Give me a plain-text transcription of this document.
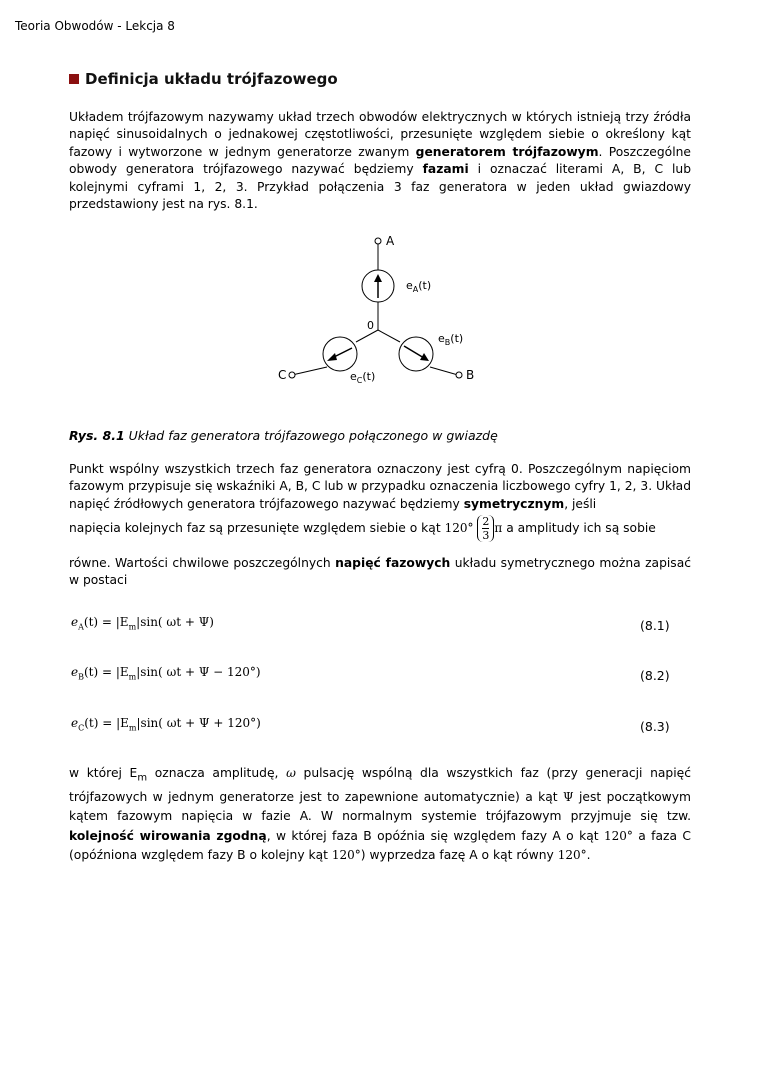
Teoria Obwodów - Lekcja 8
Definicja układu trójfazowego
Układem trójfazowym nazywamy układ trzech obwodów elektrycznych w których istnieją trzy źródła napięć sinusoidalnych o jednakowej częstotliwości, przesunięte względem siebie o określony kąt fazowy i wytworzone w jednym generatorze zwanym generatorem trójfazowym. Poszczególne obwody generatora trójfazowego nazywać będziemy fazami i oznaczać literami A, B, C lub kolejnymi cyframi 1, 2, 3. Przykład połączenia 3 faz generatora w jeden układ gwiazdowy przedstawiony jest na rys. 8.1.
A
$e_A(t)$
0
$e_B(t)$
C	B
$e_C(t)$
Rys. 8.1 Układ faz generatora trójfazowego połączonego w gwiazdę
Punkt wspólny wszystkich trzech faz generatora oznaczony jest cyfrą 0. Poszczególnym napięciom fazowym przypisuje się wskaźniki A, B, C lub w przypadku oznaczenia liczbowego cyfry 1, 2, 3. Układ napięć źródłowych generatora trójfazowego nazywać będziemy symetrycznym, jeśli
napięcia kolejnych faz są przesunięte względem siebie o kąt $120^\circ \frac{2}{3}\pi$ a amplitudy ich są sobie
równe. Wartości chwilowe poszczególnych napięć fazowych układu symetrycznego można zapisać w postaci
$e_A(t) = |E_m|\sin$( ωt + Ψ)	(8.1)
$e_B(t) = |E_m|\sin$( ωt + Ψ − 120°)	(8.2)
$e_C(t) = |E_m|\sin$( ωt + Ψ + 120°)	(8.3)
w której $E_m$ oznacza amplitudę, ω pulsację wspólną dla wszystkich faz (przy generacji napięć trójfazowych w jednym generatorze jest to zapewnione automatycznie) a kąt Ψ jest początkowym kątem fazowym napięcia w fazie A. W normalnym systemie trójfazowym przyjmuje się tzw. kolejność wirowania zgodną, w której faza B opóźnia się względem fazy A o kąt 120° a faza C (opóźniona względem fazy B o kolejny kąt 120°) wyprzedza fazę A o kąt równy 120°.
